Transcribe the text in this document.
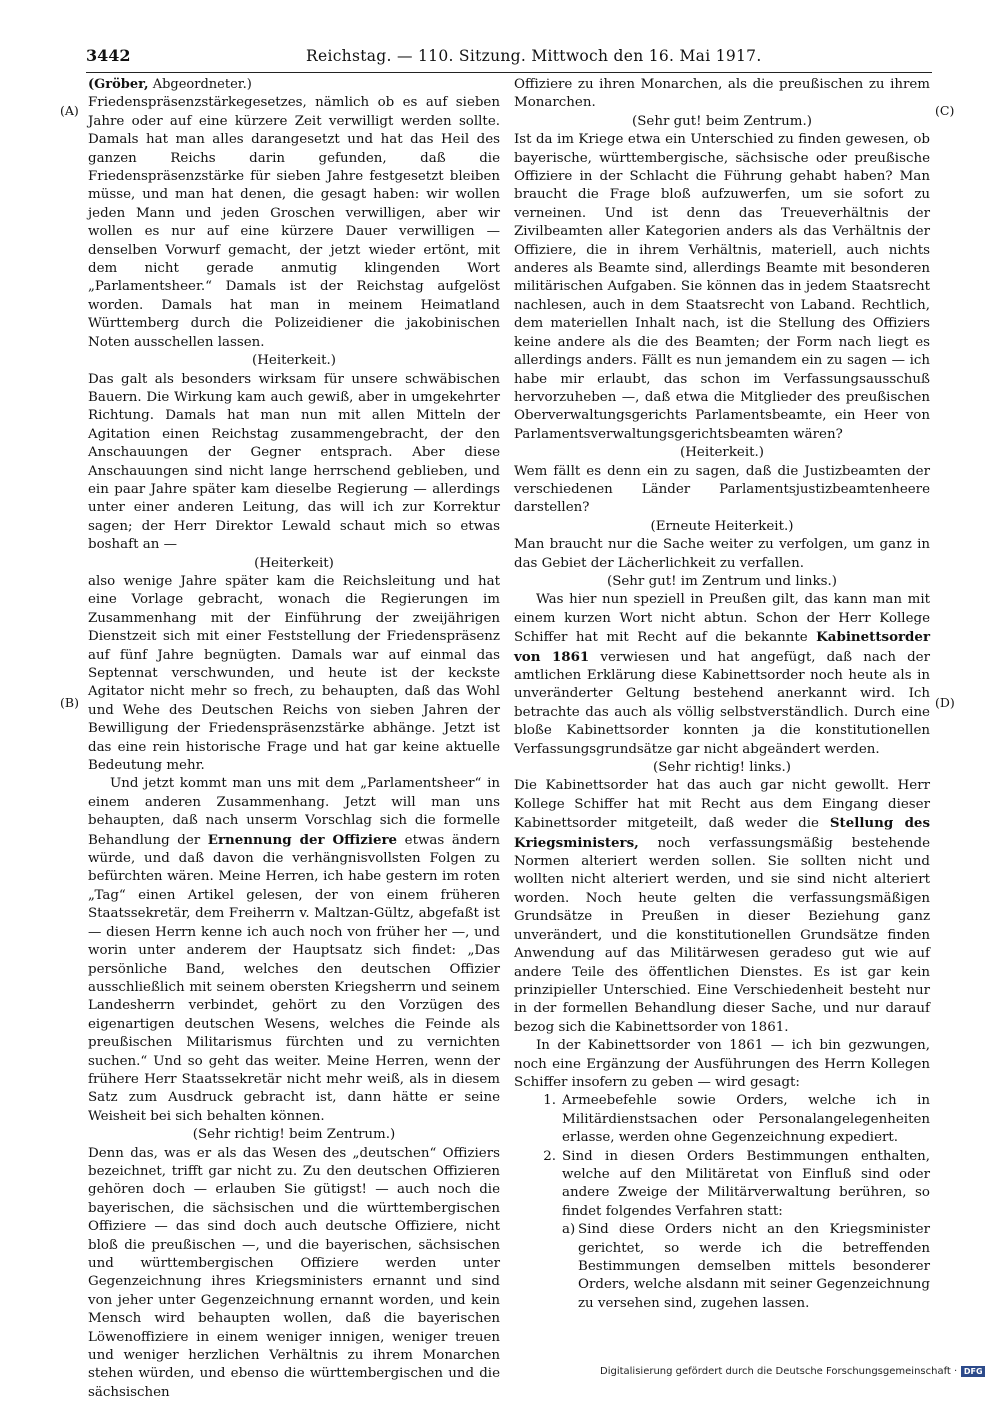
3442	Reichstag. — 110. Sitzung. Mittwoch den 16. Mai 1917.
(A)
(B)
(C)
(D)

(Gröber, Abgeordneter.)

Friedenspräsenzstärkegesetzes, nämlich ob es auf sieben Jahre oder auf eine kürzere Zeit verwilligt werden sollte. Damals hat man alles darangesetzt und hat das Heil des ganzen Reichs darin gefunden, daß die Friedenspräsenzstärke für sieben Jahre festgesetzt bleiben müsse, und man hat denen, die gesagt haben: wir wollen jeden Mann und jeden Groschen verwilligen, aber wir wollen es nur auf eine kürzere Dauer verwilligen — denselben Vorwurf gemacht, der jetzt wieder ertönt, mit dem nicht gerade anmutig klingenden Wort „Parlamentsheer.“ Damals ist der Reichstag aufgelöst worden. Damals hat man in meinem Heimatland Württemberg durch die Polizeidiener die jakobinischen Noten ausschellen lassen.

(Heiterkeit.)

Das galt als besonders wirksam für unsere schwäbischen Bauern. Die Wirkung kam auch gewiß, aber in umgekehrter Richtung. Damals hat man nun mit allen Mitteln der Agitation einen Reichstag zusammengebracht, der den Anschauungen der Gegner entsprach. Aber diese Anschauungen sind nicht lange herrschend geblieben, und ein paar Jahre später kam dieselbe Regierung — allerdings unter einer anderen Leitung, das will ich zur Korrektur sagen; der Herr Direktor Lewald schaut mich so etwas boshaft an —

(Heiterkeit)

also wenige Jahre später kam die Reichsleitung und hat eine Vorlage gebracht, wonach die Regierungen im Zusammenhang mit der Einführung der zweijährigen Dienstzeit sich mit einer Feststellung der Friedenspräsenz auf fünf Jahre begnügten. Damals war auf einmal das Septennat verschwunden, und heute ist der keckste Agitator nicht mehr so frech, zu behaupten, daß das Wohl und Wehe des Deutschen Reichs von sieben Jahren der Bewilligung der Friedenspräsenzstärke abhänge. Jetzt ist das eine rein historische Frage und hat gar keine aktuelle Bedeutung mehr.

Und jetzt kommt man uns mit dem „Parlamentsheer“ in einem anderen Zusammenhang. Jetzt will man uns behaupten, daß nach unserm Vorschlag sich die formelle Behandlung der Ernennung der Offiziere etwas ändern würde, und daß davon die verhängnisvollsten Folgen zu befürchten wären. Meine Herren, ich habe gestern im roten „Tag“ einen Artikel gelesen, der von einem früheren Staatssekretär, dem Freiherrn v. Maltzan-Gültz, abgefaßt ist — diesen Herrn kenne ich auch noch von früher her —, und worin unter anderem der Hauptsatz sich findet: „Das persönliche Band, welches den deutschen Offizier ausschließlich mit seinem obersten Kriegsherrn und seinem Landesherrn verbindet, gehört zu den Vorzügen des eigenartigen deutschen Wesens, welches die Feinde als preußischen Militarismus fürchten und zu vernichten suchen.“ Und so geht das weiter. Meine Herren, wenn der frühere Herr Staatssekretär nicht mehr weiß, als in diesem Satz zum Ausdruck gebracht ist, dann hätte er seine Weisheit bei sich behalten können.

(Sehr richtig! beim Zentrum.)

Denn das, was er als das Wesen des „deutschen“ Offiziers bezeichnet, trifft gar nicht zu. Zu den deutschen Offizieren gehören doch — erlauben Sie gütigst! — auch noch die bayerischen, die sächsischen und die württembergischen Offiziere — das sind doch auch deutsche Offiziere, nicht bloß die preußischen —, und die bayerischen, sächsischen und württembergischen Offiziere werden unter Gegenzeichnung ihres Kriegsministers ernannt und sind von jeher unter Gegenzeichnung ernannt worden, und kein Mensch wird behaupten wollen, daß die bayerischen Löwenoffiziere in einem weniger innigen, weniger treuen und weniger herzlichen Verhältnis zu ihrem Monarchen stehen würden, und ebenso die württembergischen und die sächsischen

Offiziere zu ihren Monarchen, als die preußischen zu ihrem Monarchen.

(Sehr gut! beim Zentrum.)

Ist da im Kriege etwa ein Unterschied zu finden gewesen, ob bayerische, württembergische, sächsische oder preußische Offiziere in der Schlacht die Führung gehabt haben? Man braucht die Frage bloß aufzuwerfen, um sie sofort zu verneinen. Und ist denn das Treueverhältnis der Zivilbeamten aller Kategorien anders als das Verhältnis der Offiziere, die in ihrem Verhältnis, materiell, auch nichts anderes als Beamte sind, allerdings Beamte mit besonderen militärischen Aufgaben. Sie können das in jedem Staatsrecht nachlesen, auch in dem Staatsrecht von Laband. Rechtlich, dem materiellen Inhalt nach, ist die Stellung des Offiziers keine andere als die des Beamten; der Form nach liegt es allerdings anders. Fällt es nun jemandem ein zu sagen — ich habe mir erlaubt, das schon im Verfassungsausschuß hervorzuheben —, daß etwa die Mitglieder des preußischen Oberverwaltungsgerichts Parlamentsbeamte, ein Heer von Parlamentsverwaltungsgerichtsbeamten wären?

(Heiterkeit.)

Wem fällt es denn ein zu sagen, daß die Justizbeamten der verschiedenen Länder Parlamentsjustizbeamtenheere darstellen?

(Erneute Heiterkeit.)

Man braucht nur die Sache weiter zu verfolgen, um ganz in das Gebiet der Lächerlichkeit zu verfallen.

(Sehr gut! im Zentrum und links.)

Was hier nun speziell in Preußen gilt, das kann man mit einem kurzen Wort nicht abtun. Schon der Herr Kollege Schiffer hat mit Recht auf die bekannte Kabinettsorder von 1861 verwiesen und hat angefügt, daß nach der amtlichen Erklärung diese Kabinettsorder noch heute als in unveränderter Geltung bestehend anerkannt wird. Ich betrachte das auch als völlig selbstverständlich. Durch eine bloße Kabinettsorder konnten ja die konstitutionellen Verfassungsgrundsätze gar nicht abgeändert werden.

(Sehr richtig! links.)

Die Kabinettsorder hat das auch gar nicht gewollt. Herr Kollege Schiffer hat mit Recht aus dem Eingang dieser Kabinettsorder mitgeteilt, daß weder die Stellung des Kriegsministers, noch verfassungsmäßig bestehende Normen alteriert werden sollen. Sie sollten nicht und wollten nicht alteriert werden, und sie sind nicht alteriert worden. Noch heute gelten die verfassungsmäßigen Grundsätze in Preußen in dieser Beziehung ganz unverändert, und die konstitutionellen Grundsätze finden Anwendung auf das Militärwesen geradeso gut wie auf andere Teile des öffentlichen Dienstes. Es ist gar kein prinzipieller Unterschied. Eine Verschiedenheit besteht nur in der formellen Behandlung dieser Sache, und nur darauf bezog sich die Kabinettsorder von 1861.

In der Kabinettsorder von 1861 — ich bin gezwungen, noch eine Ergänzung der Ausführungen des Herrn Kollegen Schiffer insofern zu geben — wird gesagt:

1. Armeebefehle sowie Orders, welche ich in Militärdienstsachen oder Personalangelegenheiten erlasse, werden ohne Gegenzeichnung expediert.
2. Sind in diesen Orders Bestimmungen enthalten, welche auf den Militäretat von Einfluß sind oder andere Zweige der Militärverwaltung berühren, so findet folgendes Verfahren statt:
a) Sind diese Orders nicht an den Kriegsminister gerichtet, so werde ich die betreffenden Bestimmungen demselben mittels besonderer Orders, welche alsdann mit seiner Gegenzeichnung zu versehen sind, zugehen lassen.
Digitalisierung gefördert durch die Deutsche Forschungsgemeinschaft · DFG
